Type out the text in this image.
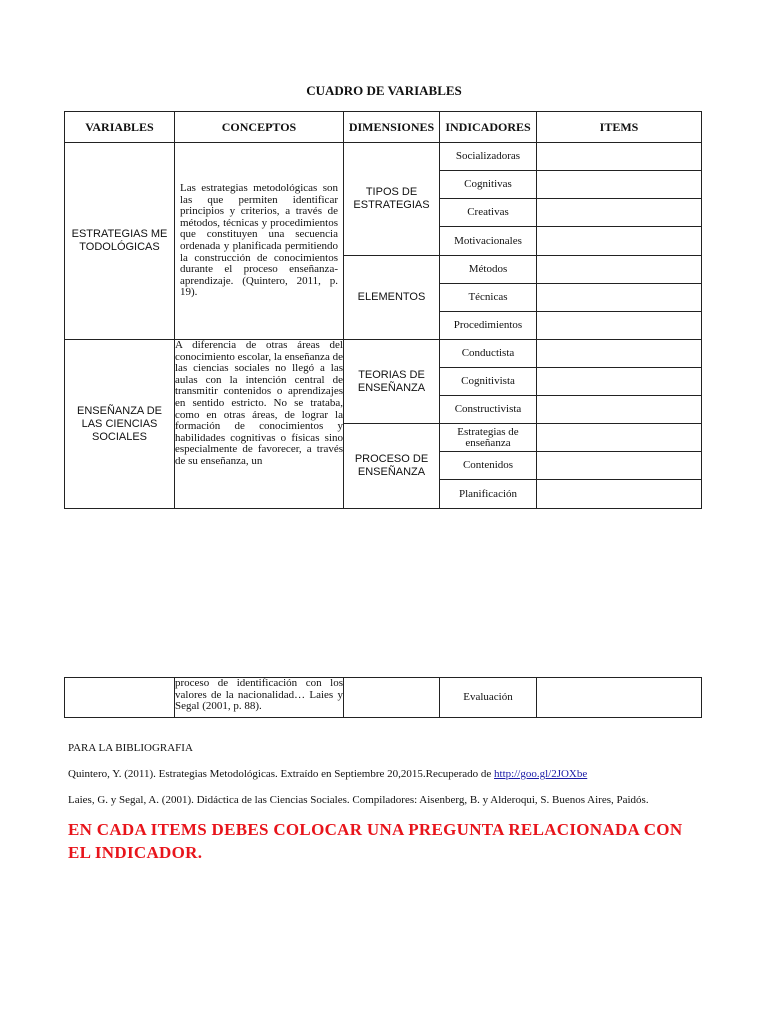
CUADRO DE VARIABLES
VARIABLES	CONCEPTOS	DIMENSIONES	INDICADORES	ITEMS
ESTRATEGIAS METODOLÓGICAS	Las estrategias metodológicas son las que permiten identificar principios y criterios, a través de métodos, técnicas y procedimientos que constituyen una secuencia ordenada y planificada permitiendo la construcción de conocimientos durante el proceso enseñanza-aprendizaje. (Quintero, 2011, p. 19).	TIPOS DE ESTRATEGIAS	Socializadoras	
			Cognitivas	
			Creativas	
			Motivacionales	
		ELEMENTOS	Métodos	
			Técnicas	
			Procedimientos	
ENSEÑANZA DE LAS CIENCIAS SOCIALES	A diferencia de otras áreas del conocimiento escolar, la enseñanza de las ciencias sociales no llegó a las aulas con la intención central de transmitir contenidos o aprendizajes en sentido estricto. No se trataba, como en otras áreas, de lograr la formación de conocimientos y habilidades cognitivas o físicas sino especialmente de favorecer, a través de su enseñanza, un	TEORIAS DE ENSEÑANZA	Conductista	
			Cognitivista	
			Constructivista	
		PROCESO DE ENSEÑANZA	Estrategias de enseñanza	
			Contenidos	
			Planificación	
	proceso de identificación con los valores de la nacionalidad… Laies y Segal (2001, p. 88).		Evaluación	
PARA LA BIBLIOGRAFIA
Quintero, Y. (2011). Estrategias Metodológicas. Extraído en Septiembre 20,2015.Recuperado de http://goo.gl/2JOXbe
Laies, G. y Segal, A. (2001). Didáctica de las Ciencias Sociales. Compiladores: Aisenberg, B. y Alderoqui, S. Buenos Aires, Paidós.
EN CADA ITEMS DEBES COLOCAR UNA PREGUNTA RELACIONADA CON EL INDICADOR.
